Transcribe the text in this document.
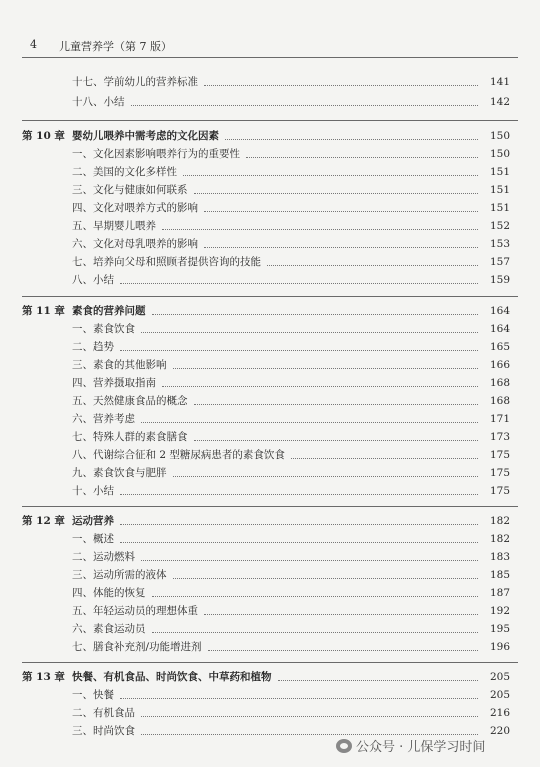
4 儿童营养学（第 7 版）
十七、学前幼儿的营养标准	141
十八、小结	142
第 10 章 婴幼儿喂养中需考虑的文化因素	150
一、文化因素影响喂养行为的重要性	150
二、美国的文化多样性	151
三、文化与健康如何联系	151
四、文化对喂养方式的影响	151
五、早期婴儿喂养	152
六、文化对母乳喂养的影响	153
七、培养向父母和照顾者提供咨询的技能	157
八、小结	159
第 11 章 素食的营养问题	164
一、素食饮食	164
二、趋势	165
三、素食的其他影响	166
四、营养摄取指南	168
五、天然健康食品的概念	168
六、营养考虑	171
七、特殊人群的素食膳食	173
八、代谢综合征和 2 型糖尿病患者的素食饮食	175
九、素食饮食与肥胖	175
十、小结	175
第 12 章 运动营养	182
一、概述	182
二、运动燃料	183
三、运动所需的液体	185
四、体能的恢复	187
五、年轻运动员的理想体重	192
六、素食运动员	195
七、膳食补充剂/功能增进剂	196
第 13 章 快餐、有机食品、时尚饮食、中草药和植物	205
一、快餐	205
二、有机食品	216
三、时尚饮食	220
公众号 · 儿保学习时间
